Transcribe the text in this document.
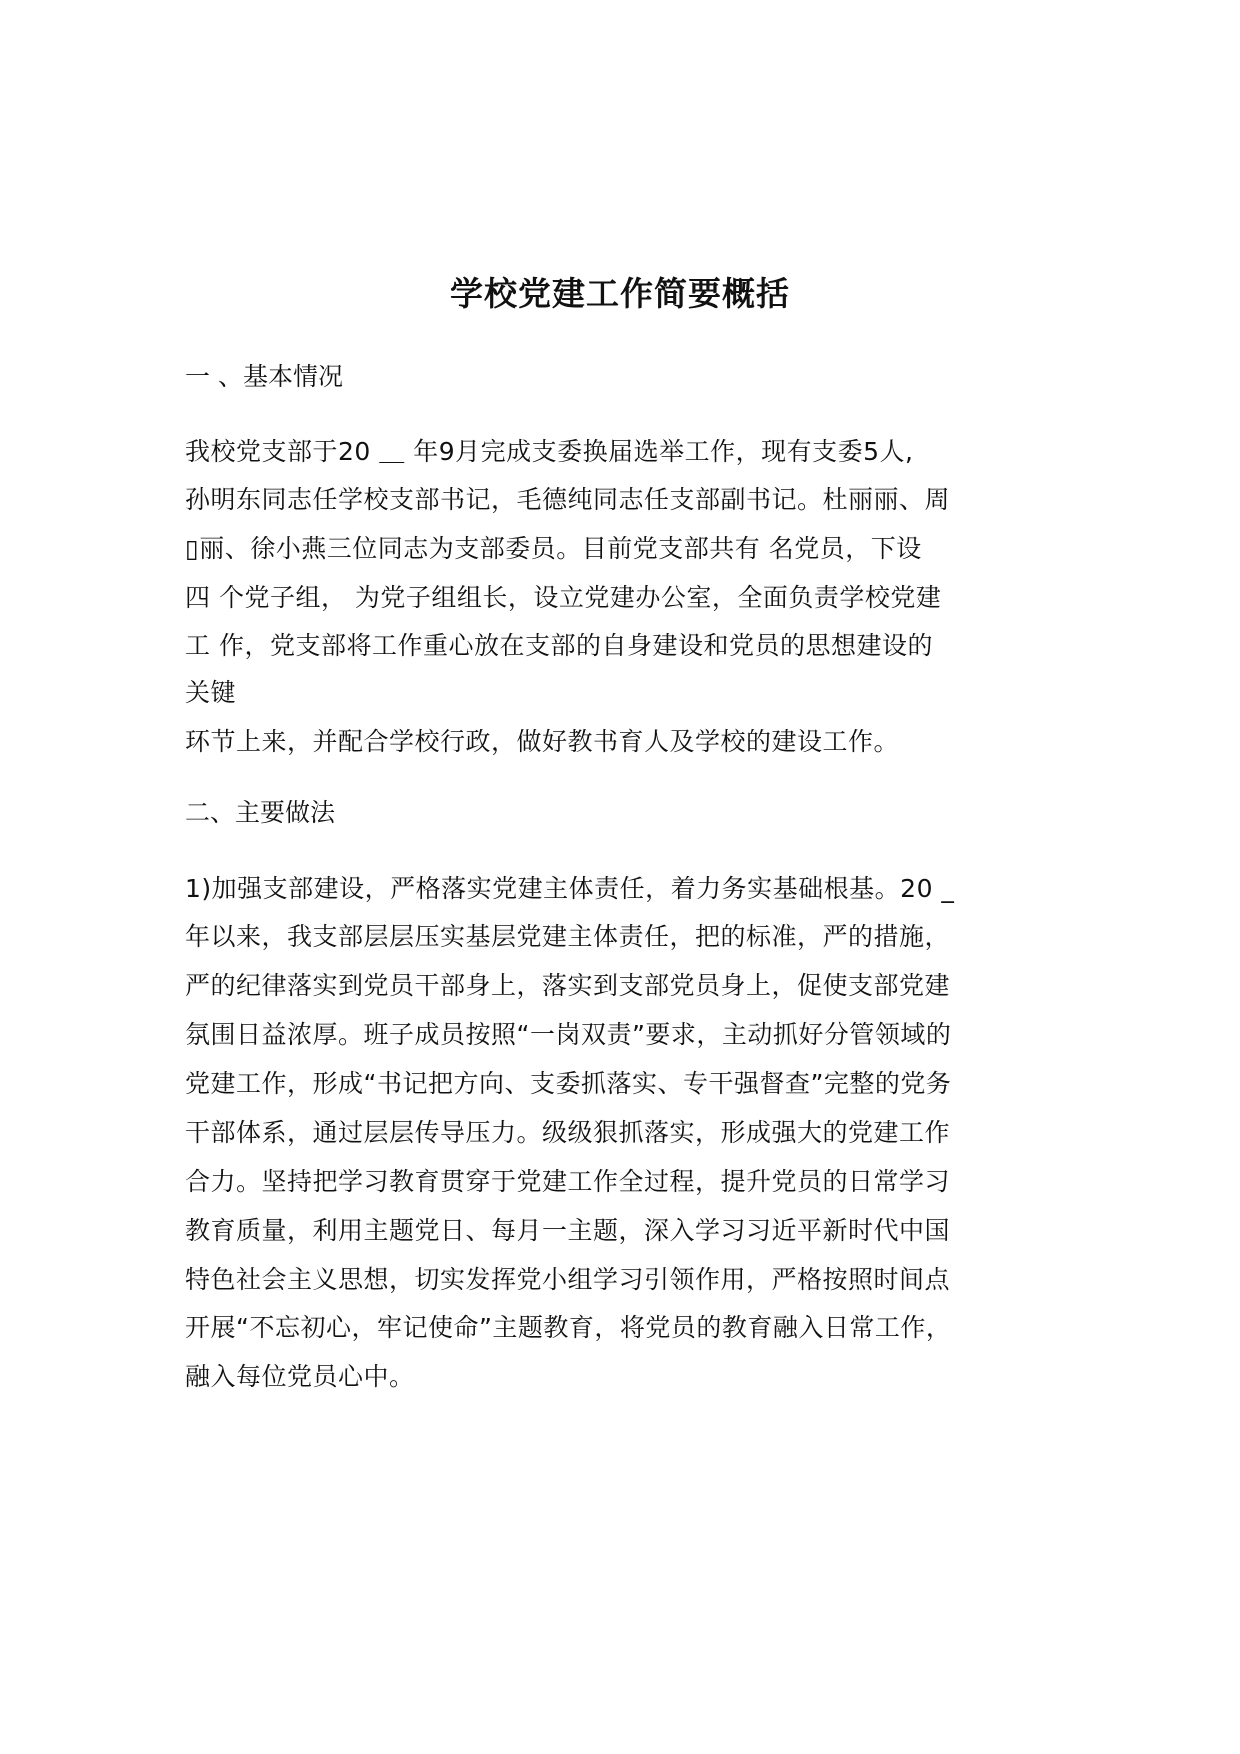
学校党建工作简要概括
一 、基本情况
我校党支部于20 ＿ 年9月完成支委换届选举工作，现有支委5人,
孙明东同志任学校支部书记，毛德纯同志任支部副书记。杜丽丽、周
▯丽、徐小燕三位同志为支部委员。目前党支部共有 名党员，下设
四 个党子组， 为党子组组长，设立党建办公室，全面负责学校党建
工 作，党支部将工作重心放在支部的自身建设和党员的思想建设的
关键
环节上来，并配合学校行政，做好教书育人及学校的建设工作。
二、主要做法
1)加强支部建设，严格落实党建主体责任，着力务实基础根基。20 _
年以来，我支部层层压实基层党建主体责任，把的标准，严的措施，
严的纪律落实到党员干部身上，落实到支部党员身上，促使支部党建
氛围日益浓厚。班子成员按照“一岗双责”要求，主动抓好分管领域的
党建工作，形成“书记把方向、支委抓落实、专干强督查”完整的党务
干部体系，通过层层传导压力。级级狠抓落实，形成强大的党建工作
合力。坚持把学习教育贯穿于党建工作全过程，提升党员的日常学习
教育质量，利用主题党日、每月一主题，深入学习习近平新时代中国
特色社会主义思想，切实发挥党小组学习引领作用，严格按照时间点
开展“不忘初心，牢记使命”主题教育，将党员的教育融入日常工作，
融入每位党员心中。
